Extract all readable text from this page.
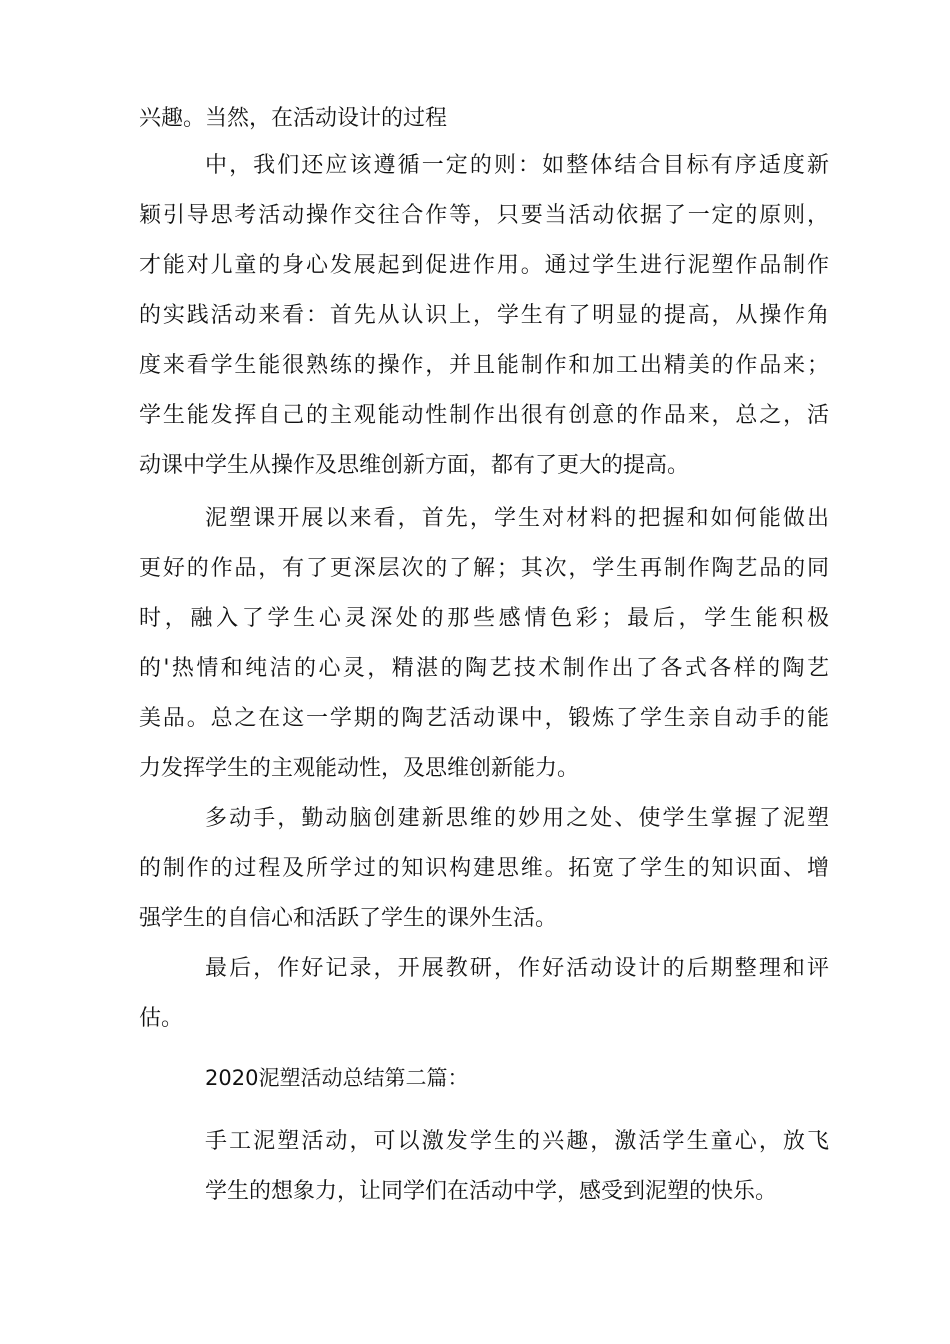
兴趣。当然，在活动设计的过程
中，我们还应该遵循一定的则：如整体结合目标有序适度新
颖引导思考活动操作交往合作等，只要当活动依据了一定的原则，
才能对儿童的身心发展起到促进作用。通过学生进行泥塑作品制作
的实践活动来看：首先从认识上，学生有了明显的提高，从操作角
度来看学生能很熟练的操作，并且能制作和加工出精美的作品来；
学生能发挥自己的主观能动性制作出很有创意的作品来，总之，活
动课中学生从操作及思维创新方面，都有了更大的提高。
泥塑课开展以来看，首先，学生对材料的把握和如何能做出
更好的作品，有了更深层次的了解；其次，学生再制作陶艺品的同
时，融入了学生心灵深处的那些感情色彩；最后，学生能积极
的'热情和纯洁的心灵，精湛的陶艺技术制作出了各式各样的陶艺
美品。总之在这一学期的陶艺活动课中，锻炼了学生亲自动手的能
力发挥学生的主观能动性，及思维创新能力。
多动手，勤动脑创建新思维的妙用之处、使学生掌握了泥塑
的制作的过程及所学过的知识构建思维。拓宽了学生的知识面、增
强学生的自信心和活跃了学生的课外生活。
最后，作好记录，开展教研，作好活动设计的后期整理和评
估。
2020泥塑活动总结第二篇：
手工泥塑活动，可以激发学生的兴趣，激活学生童心，放飞
学生的想象力，让同学们在活动中学，感受到泥塑的快乐。
